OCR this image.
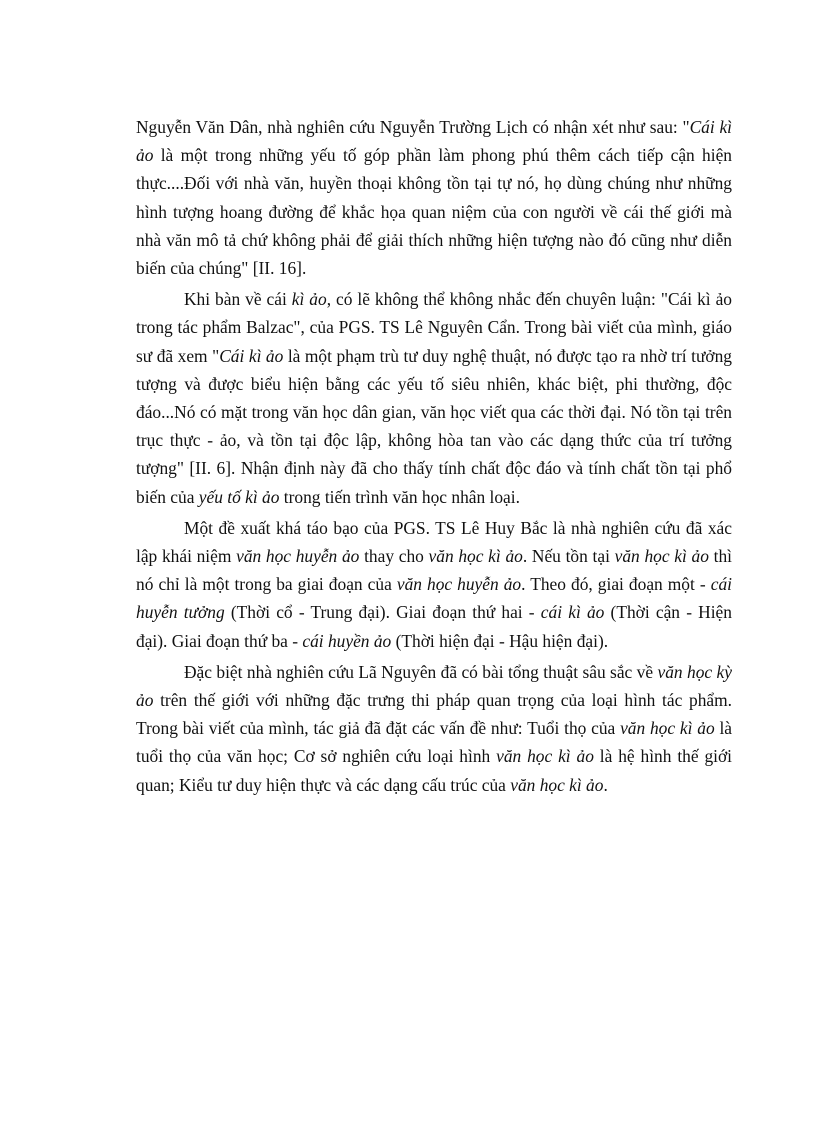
Nguyễn Văn Dân, nhà nghiên cứu Nguyễn Trường Lịch có nhận xét như sau: "Cái kì ảo là một trong những yếu tố góp phần làm phong phú thêm cách tiếp cận hiện thực....Đối với nhà văn, huyền thoại không tồn tại tự nó, họ dùng chúng như những hình tượng hoang đường để khắc họa quan niệm của con người về cái thế giới mà nhà văn mô tả chứ không phải để giải thích những hiện tượng nào đó cũng như diễn biến của chúng" [II. 16].

Khi bàn về cái kì ảo, có lẽ không thể không nhắc đến chuyên luận: "Cái kì ảo trong tác phẩm Balzac", của PGS. TS Lê Nguyên Cẩn. Trong bài viết của mình, giáo sư đã xem "Cái kì ảo là một phạm trù tư duy nghệ thuật, nó được tạo ra nhờ trí tưởng tượng và được biểu hiện bằng các yếu tố siêu nhiên, khác biệt, phi thường, độc đáo...Nó có mặt trong văn học dân gian, văn học viết qua các thời đại. Nó tồn tại trên trục thực - ảo, và tồn tại độc lập, không hòa tan vào các dạng thức của trí tưởng tượng" [II. 6]. Nhận định này đã cho thấy tính chất độc đáo và tính chất tồn tại phổ biến của yếu tố kì ảo trong tiến trình văn học nhân loại.

Một đề xuất khá táo bạo của PGS. TS Lê Huy Bắc là nhà nghiên cứu đã xác lập khái niệm văn học huyễn ảo thay cho văn học kì ảo. Nếu tồn tại văn học kì ảo thì nó chỉ là một trong ba giai đoạn của văn học huyễn ảo. Theo đó, giai đoạn một - cái huyễn tưởng (Thời cổ - Trung đại). Giai đoạn thứ hai - cái kì ảo (Thời cận - Hiện đại). Giai đoạn thứ ba - cái huyền ảo (Thời hiện đại - Hậu hiện đại).

Đặc biệt nhà nghiên cứu Lã Nguyên đã có bài tổng thuật sâu sắc về văn học kỳ ảo trên thế giới với những đặc trưng thi pháp quan trọng của loại hình tác phẩm. Trong bài viết của mình, tác giả đã đặt các vấn đề như: Tuổi thọ của văn học kì ảo là tuổi thọ của văn học; Cơ sở nghiên cứu loại hình văn học kì ảo là hệ hình thế giới quan; Kiểu tư duy hiện thực và các dạng cấu trúc của văn học kì ảo.
